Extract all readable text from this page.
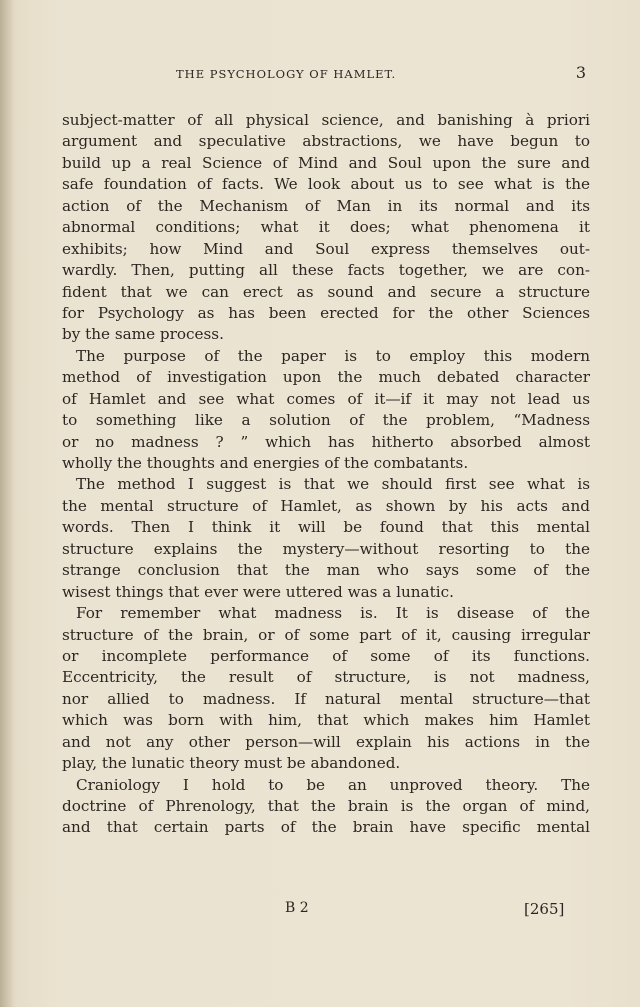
THE PSYCHOLOGY OF HAMLET.	3
subject-matter of all physical science, and banishing à priori
argument and speculative abstractions, we have begun to
build up a real Science of Mind and Soul upon the sure and
safe foundation of facts. We look about us to see what is the
action of the Mechanism of Man in its normal and its
abnormal conditions; what it does; what phenomena it
exhibits; how Mind and Soul express themselves out-
wardly. Then, putting all these facts together, we are con-
fident that we can erect as sound and secure a structure
for Psychology as has been erected for the other Sciences
by the same process.
The purpose of the paper is to employ this modern
method of investigation upon the much debated character
of Hamlet and see what comes of it—if it may not lead us
to something like a solution of the problem, “Madness
or no madness ? ” which has hitherto absorbed almost
wholly the thoughts and energies of the combatants.
The method I suggest is that we should first see what is
the mental structure of Hamlet, as shown by his acts and
words. Then I think it will be found that this mental
structure explains the mystery—without resorting to the
strange conclusion that the man who says some of the
wisest things that ever were uttered was a lunatic.
For remember what madness is. It is disease of the
structure of the brain, or of some part of it, causing irregular
or incomplete performance of some of its functions.
Eccentricity, the result of structure, is not madness,
nor allied to madness. If natural mental structure—that
which was born with him, that which makes him Hamlet
and not any other person—will explain his actions in the
play, the lunatic theory must be abandoned.
Craniology I hold to be an unproved theory. The
doctrine of Phrenology, that the brain is the organ of mind,
and that certain parts of the brain have specific mental
B 2	[265]
